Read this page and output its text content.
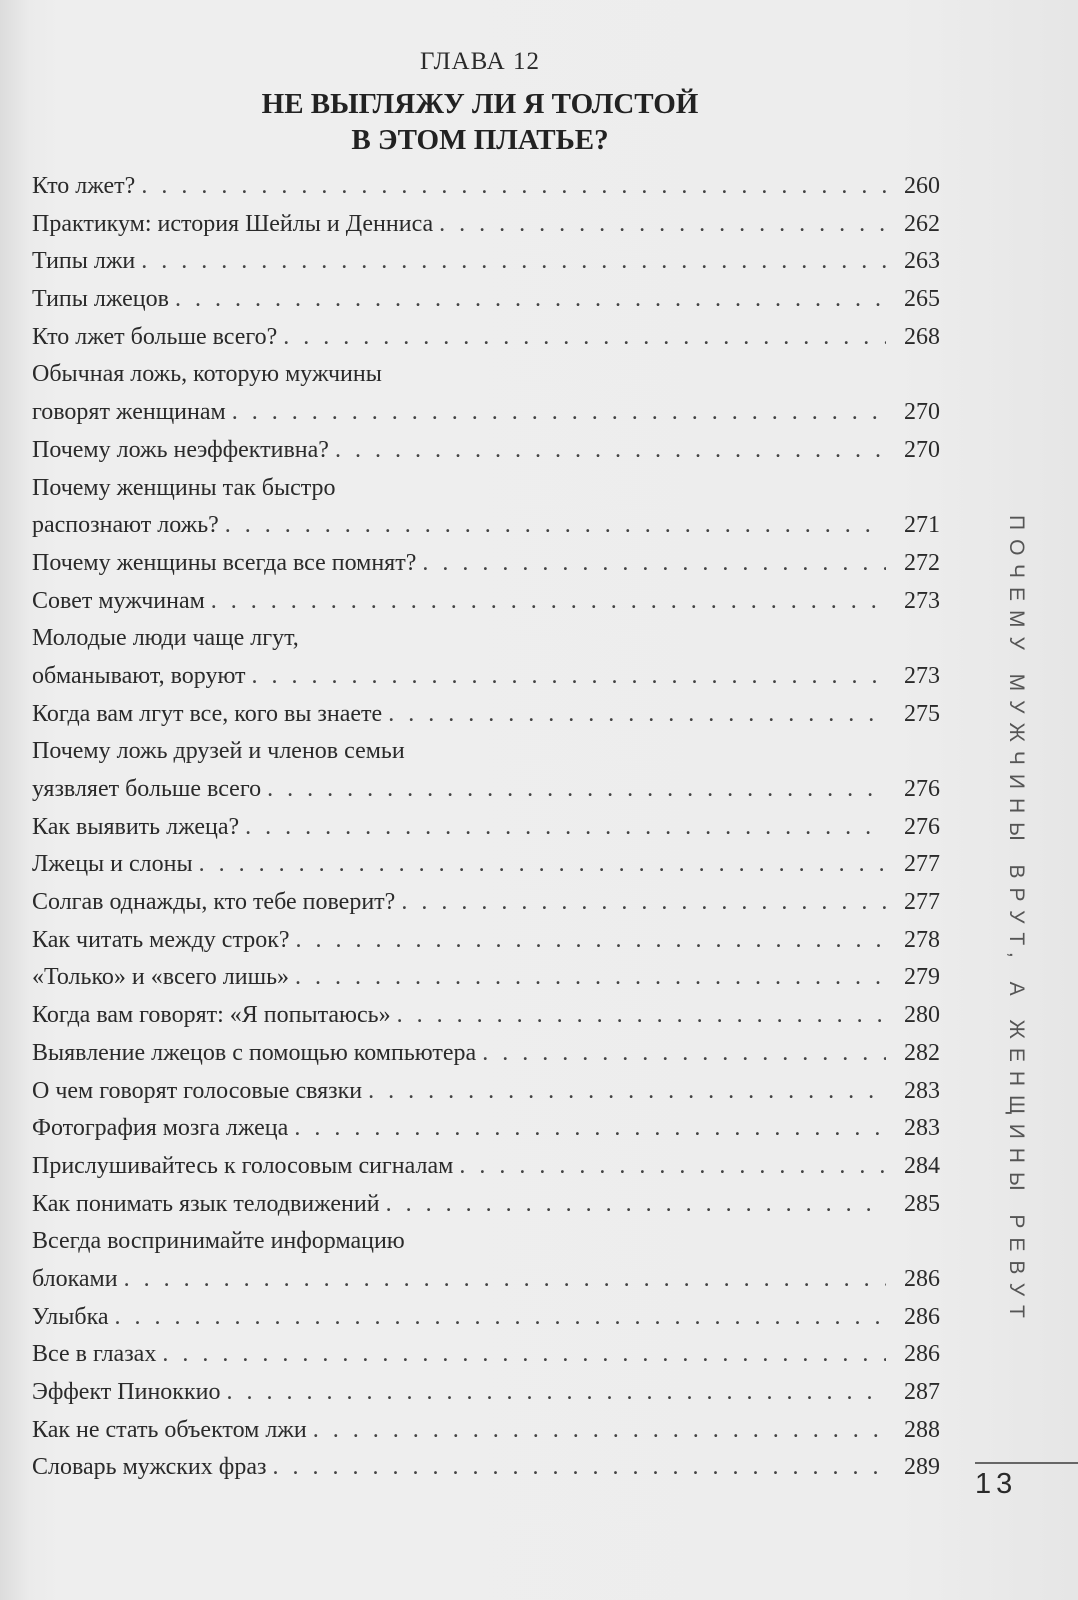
ГЛАВА 12
НЕ ВЫГЛЯЖУ ЛИ Я ТОЛСТОЙ
В ЭТОМ ПЛАТЬЕ?
Кто лжет? . . .	260
Практикум: история Шейлы и Денниса . . .	262
Типы лжи . . .	263
Типы лжецов . . .	265
Кто лжет больше всего? . . .	268
Обычная ложь, которую мужчины
говорят женщинам . . .	270
Почему ложь неэффективна? . . .	270
Почему женщины так быстро
распознают ложь? . . .	271
Почему женщины всегда все помнят? . . .	272
Совет мужчинам . . .	273
Молодые люди чаще лгут,
обманывают, воруют . . .	273
Когда вам лгут все, кого вы знаете . . .	275
Почему ложь друзей и членов семьи
уязвляет больше всего . . .	276
Как выявить лжеца? . . .	276
Лжецы и слоны . . .	277
Солгав однажды, кто тебе поверит? . . .	277
Как читать между строк? . . .	278
«Только» и «всего лишь» . . .	279
Когда вам говорят: «Я попытаюсь» . . .	280
Выявление лжецов с помощью компьютера . . .	282
О чем говорят голосовые связки . . .	283
Фотография мозга лжеца . . .	283
Прислушивайтесь к голосовым сигналам . . .	284
Как понимать язык телодвижений . . .	285
Всегда воспринимайте информацию
блоками . . .	286
Улыбка . . .	286
Все в глазах . . .	286
Эффект Пиноккио . . .	287
Как не стать объектом лжи . . .	288
Словарь мужских фраз . . .	289
ПОЧЕМУ МУЖЧИНЫ ВРУТ, А ЖЕНЩИНЫ РЕВУТ
13
